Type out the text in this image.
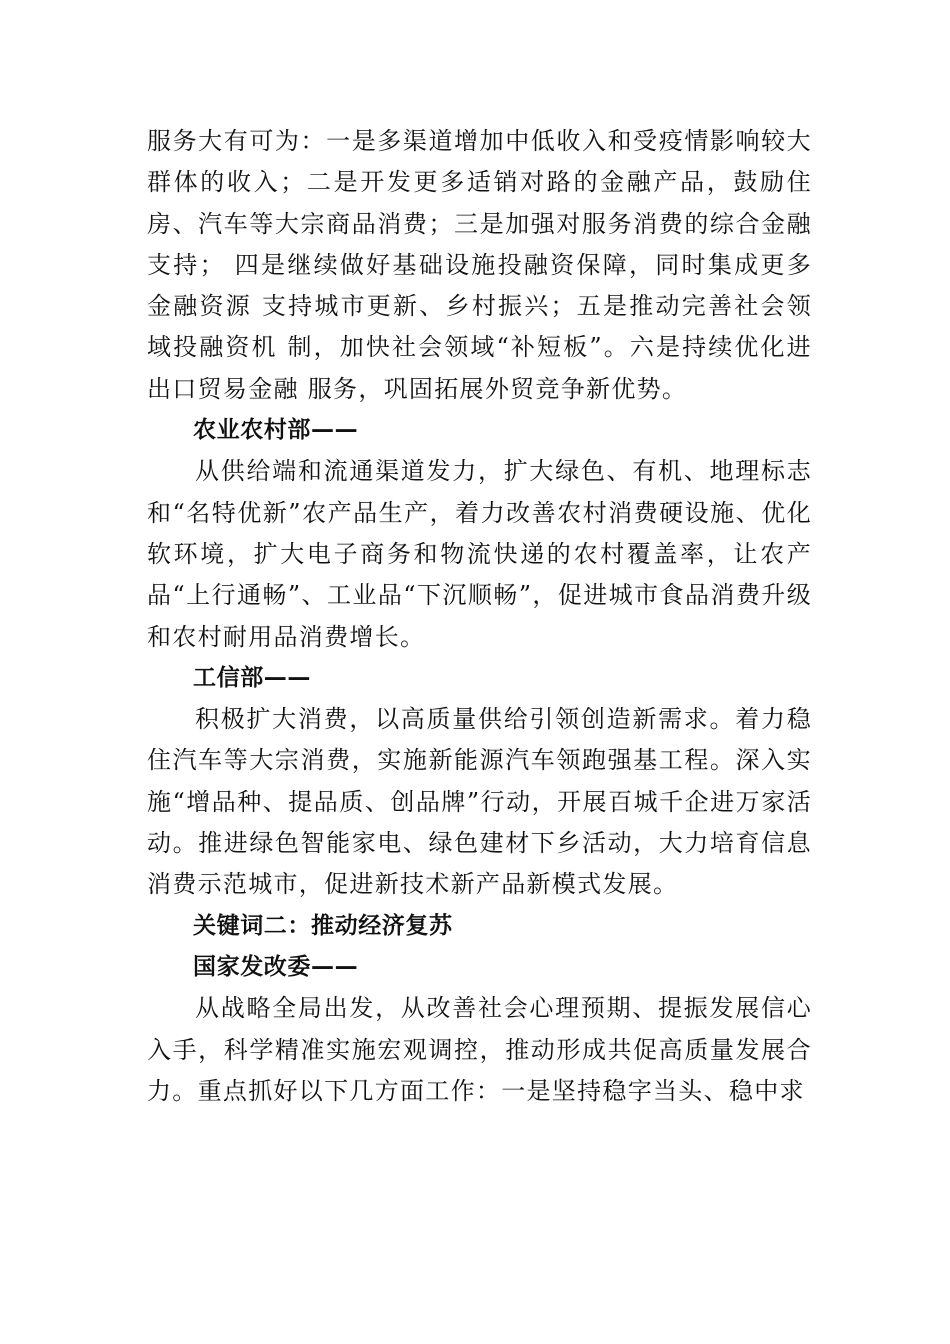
服务大有可为：一是多渠道增加中低收入和受疫情影响较大群体的收入；二是开发更多适销对路的金融产品，鼓励住房、汽车等大宗商品消费；三是加强对服务消费的综合金融支持； 四是继续做好基础设施投融资保障，同时集成更多金融资源 支持城市更新、乡村振兴；五是推动完善社会领域投融资机 制，加快社会领域“补短板”。六是持续优化进出口贸易金融 服务，巩固拓展外贸竞争新优势。

农业农村部——

从供给端和流通渠道发力，扩大绿色、有机、地理标志和“名特优新”农产品生产，着力改善农村消费硬设施、优化软环境，扩大电子商务和物流快递的农村覆盖率，让农产品“上行通畅”、工业品“下沉顺畅”，促进城市食品消费升级和农村耐用品消费增长。

工信部——

积极扩大消费，以高质量供给引领创造新需求。着力稳住汽车等大宗消费，实施新能源汽车领跑强基工程。深入实施“增品种、提品质、创品牌”行动，开展百城千企进万家活动。推进绿色智能家电、绿色建材下乡活动，大力培育信息消费示范城市，促进新技术新产品新模式发展。

关键词二：推动经济复苏

国家发改委——

从战略全局出发，从改善社会心理预期、提振发展信心入手，科学精准实施宏观调控，推动形成共促高质量发展合力。重点抓好以下几方面工作：一是坚持稳字当头、稳中求
